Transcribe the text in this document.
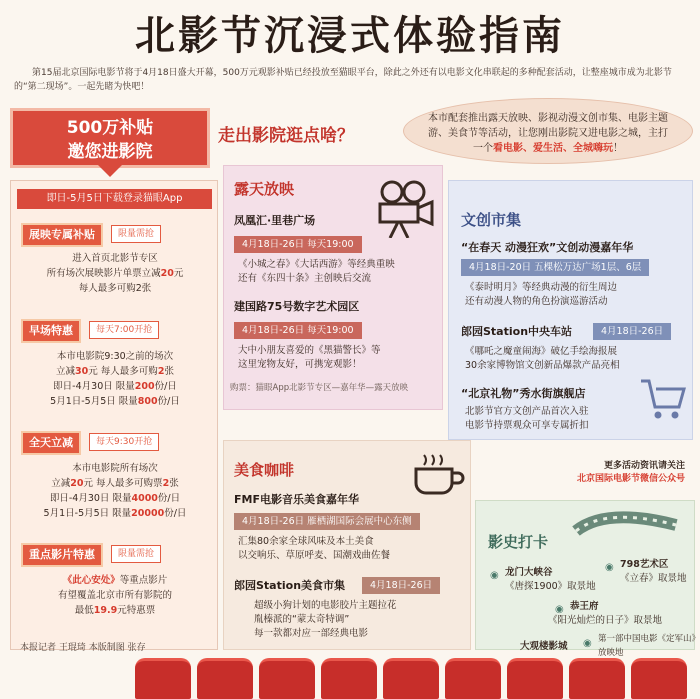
北影节沉浸式体验指南
第15届北京国际电影节将于4月18日盛大开幕，500万元观影补贴已经投放至猫眼平台，除此之外还有以电影文化串联起的多种配套活动，让整座城市成为北影节的“第二现场”。一起先睹为快吧！
500万补贴
邀您进影院
即日-5月5日下载登录猫眼App
展映专属补贴	限量需抢
进入首页北影节专区
所有场次展映影片单票立减20元
每人最多可购2张
早场特惠	每天7:00开抢
本市电影院9:30之前的场次
立减30元 每人最多可购2张
即日-4月30日 限量200份/日
5月1日-5月5日 限量800份/日
全天立减	每天9:30开抢
本市电影院所有场次
立减20元 每人最多可购票2张
即日-4月30日 限量4000份/日
5月1日-5月5日 限量20000份/日
重点影片特惠	限量需抢
《此心安处》等重点影片
有望覆盖北京市所有影院的
最低19.9元特惠票
本报记者 王琨琦 本版制图 张存
走出影院逛点啥？
露天放映
凤凰汇·里巷广场
4月18日-26日 每天19:00
《小城之春》《大话西游》等经典重映
还有《东四十条》主创映后交流
建国路75号数字艺术园区
4月18日-26日 每天19:00
大中小朋友喜爱的《黑猫警长》等
这里宠物友好，可携宠观影！
购票：猫眼App北影节专区—嘉年华—露天放映
美食咖啡
FMF电影音乐美食嘉年华
4月18日-26日 雁栖湖国际会展中心东侧
汇集80余家全球风味及本土美食
以交响乐、草原呼麦、国潮戏曲佐餐
郎园Station美食市集	4月18日-26日
超级小狗计划的电影胶片主题拉花
胤榛派的“蒙太奇特调”
每一款都对应一部经典电影
本市配套推出露天放映、影视动漫文创市集、电影主题游、美食节等活动，让您刚出影院又进电影之城，主打一个看电影、爱生活、全城嗨玩！
文创市集
“在春天 动漫狂欢”文创动漫嘉年华
4月18日-20日 五棵松万达广场1层、6层
《泰时明月》等经典动漫的衍生周边
还有动漫人物的角色扮演巡游活动
郎园Station中央车站	4月18日-26日
《哪吒之魔童闹海》破亿手绘海报展
30余家博物馆文创新品爆款产品亮相
“北京礼物”秀水街旗舰店
北影节官方文创产品首次入驻
电影节持票观众可享专属折扣
更多活动资讯请关注
北京国际电影节微信公众号
影史打卡
◉ 龙门大峡谷
《唐探1900》取景地
◉ 798艺术区
《立春》取景地
◉ 恭王府
《阳光灿烂的日子》取景地
◉
大观楼影城
第一部中国电影《定军山》放映地
